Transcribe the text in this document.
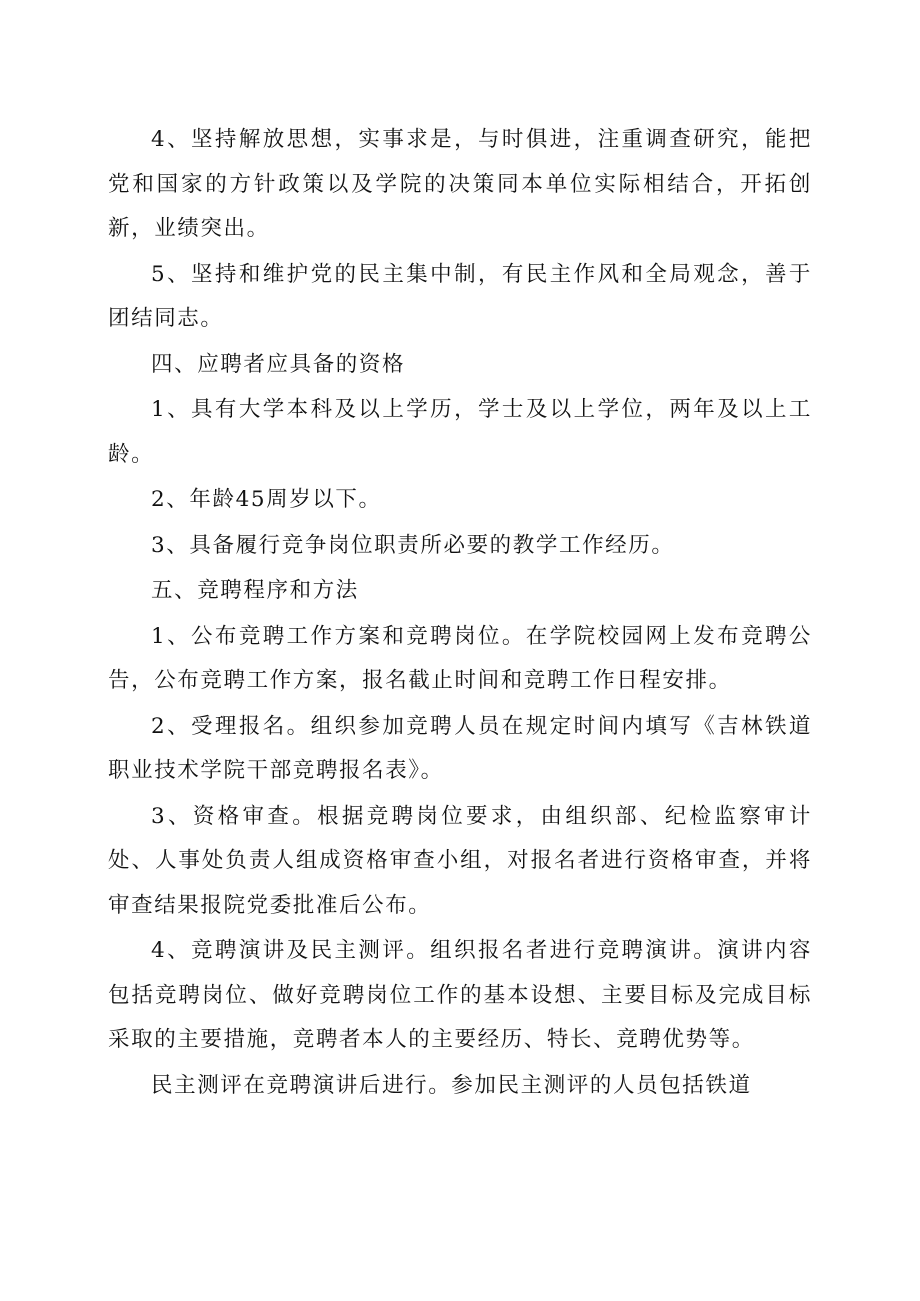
4、坚持解放思想，实事求是，与时俱进，注重调查研究，能把党和国家的方针政策以及学院的决策同本单位实际相结合，开拓创新，业绩突出。

5、坚持和维护党的民主集中制，有民主作风和全局观念，善于团结同志。

四、应聘者应具备的资格

1、具有大学本科及以上学历，学士及以上学位，两年及以上工龄。

2、年龄45周岁以下。

3、具备履行竞争岗位职责所必要的教学工作经历。

五、竞聘程序和方法

1、公布竞聘工作方案和竞聘岗位。在学院校园网上发布竞聘公告，公布竞聘工作方案，报名截止时间和竞聘工作日程安排。

2、受理报名。组织参加竞聘人员在规定时间内填写《吉林铁道职业技术学院干部竞聘报名表》。

3、资格审查。根据竞聘岗位要求，由组织部、纪检监察审计处、人事处负责人组成资格审查小组，对报名者进行资格审查，并将审查结果报院党委批准后公布。

4、竞聘演讲及民主测评。组织报名者进行竞聘演讲。演讲内容包括竞聘岗位、做好竞聘岗位工作的基本设想、主要目标及完成目标采取的主要措施，竞聘者本人的主要经历、特长、竞聘优势等。

民主测评在竞聘演讲后进行。参加民主测评的人员包括铁道
